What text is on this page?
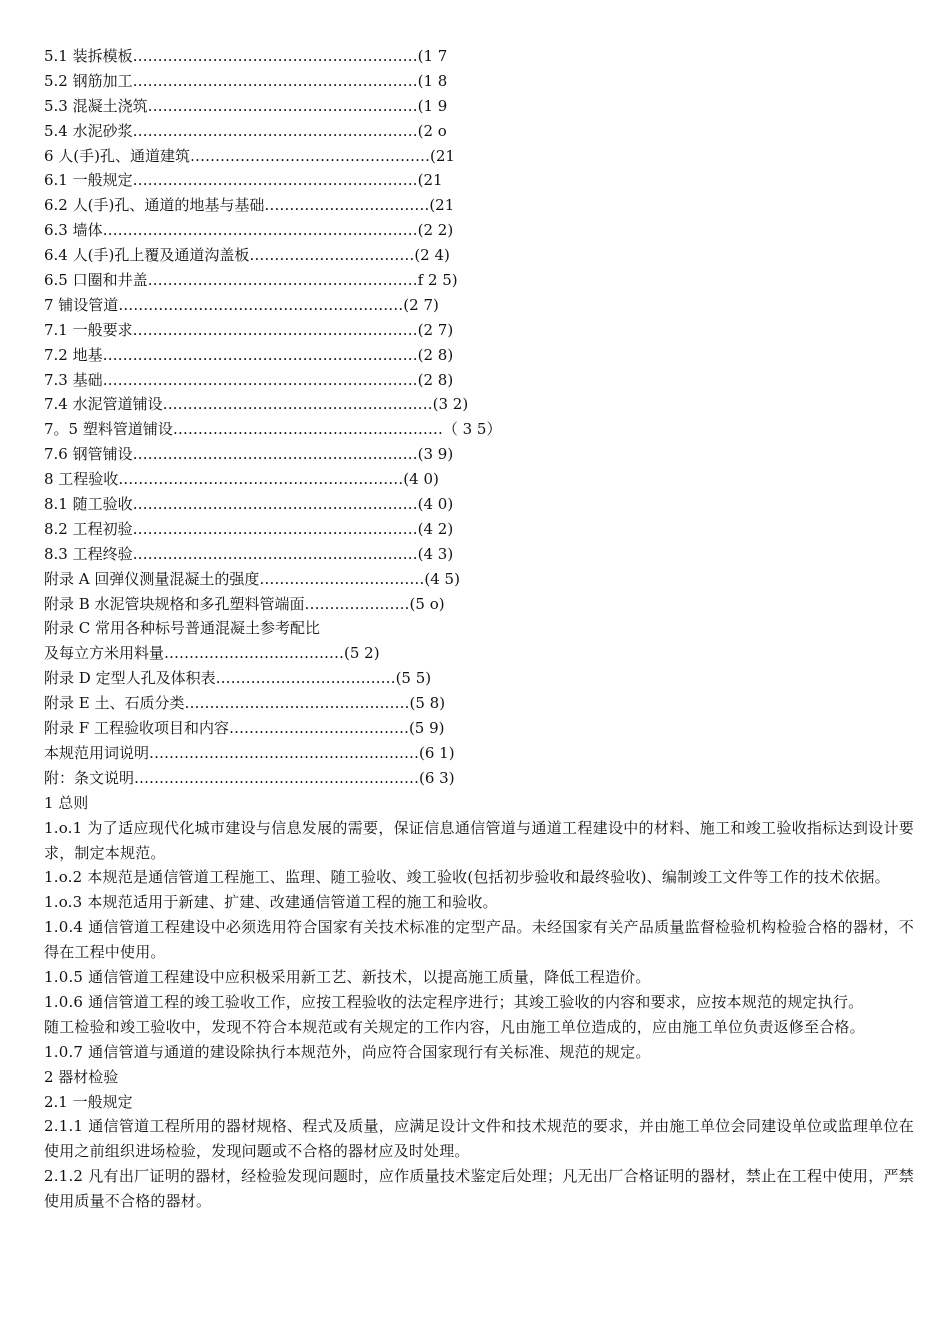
5.1 装拆模板…………………………………………………(1 7
5.2 钢筋加工…………………………………………………(1 8
5.3 混凝土浇筑………………………………………………(1 9
5.4 水泥砂浆…………………………………………………(2 o
6 人(手)孔、通道建筑…………………………………………(21
6.1 一般规定…………………………………………………(21
6.2 人(手)孔、通道的地基与基础……………………………(21
6.3 墙体………………………………………………………(2 2)
6.4 人(手)孔上覆及通道沟盖板……………………………(2 4)
6.5 口圈和井盖………………………………………………f 2 5)
7 铺设管道…………………………………………………(2 7)
7.1 一般要求…………………………………………………(2 7)
7.2 地基………………………………………………………(2 8)
7.3 基础………………………………………………………(2 8)
7.4 水泥管道铺设………………………………………………(3 2)
7。5 塑料管道铺设………………………………………………（ 3 5）
7.6 钢管铺设…………………………………………………(3 9)
8 工程验收…………………………………………………(4 0)
8.1 随工验收…………………………………………………(4 0)
8.2 工程初验…………………………………………………(4 2)
8.3 工程终验…………………………………………………(4 3)
附录 A 回弹仪测量混凝土的强度……………………………(4 5)
附录 B 水泥管块规格和多孔塑料管端面…………………(5 o)
附录 C 常用各种标号普通混凝土参考配比
及每立方米用料量………………………………(5 2)
附录 D 定型人孔及体积表………………………………(5 5)
附录 E 土、石质分类………………………………………(5 8)
附录 F 工程验收项目和内容………………………………(5 9)
本规范用词说明………………………………………………(6 1)
附：条文说明…………………………………………………(6 3)
1 总则

1.o.1 为了适应现代化城市建设与信息发展的需要，保证信息通信管道与通道工程建设中的材料、施工和竣工验收指标达到设计要求，制定本规范。

1.o.2 本规范是通信管道工程施工、监理、随工验收、竣工验收(包括初步验收和最终验收)、编制竣工文件等工作的技术依据。

1.o.3 本规范适用于新建、扩建、改建通信管道工程的施工和验收。

1.0.4 通信管道工程建设中必须选用符合国家有关技术标准的定型产品。未经国家有关产品质量监督检验机构检验合格的器材，不得在工程中使用。

1.0.5 通信管道工程建设中应积极采用新工艺、新技术，以提高施工质量，降低工程造价。

1.0.6 通信管道工程的竣工验收工作，应按工程验收的法定程序进行；其竣工验收的内容和要求，应按本规范的规定执行。

随工检验和竣工验收中，发现不符合本规范或有关规定的工作内容，凡由施工单位造成的，应由施工单位负责返修至合格。

1.0.7 通信管道与通道的建设除执行本规范外，尚应符合国家现行有关标准、规范的规定。

2 器材检验
2.1 一般规定

2.1.1 通信管道工程所用的器材规格、程式及质量，应满足设计文件和技术规范的要求，并由施工单位会同建设单位或监理单位在使用之前组织进场检验，发现问题或不合格的器材应及时处理。

2.1.2 凡有出厂证明的器材，经检验发现问题时，应作质量技术鉴定后处理；凡无出厂合格证明的器材，禁止在工程中使用，严禁使用质量不合格的器材。
